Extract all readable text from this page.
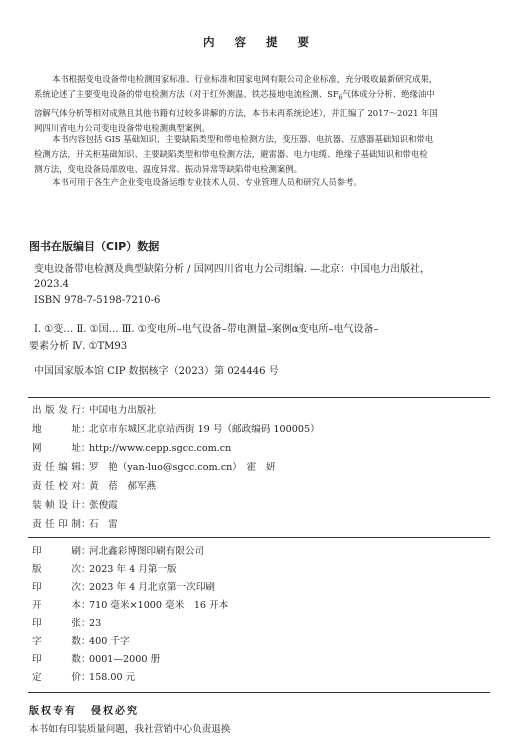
内 容 提 要
本书根据变电设备带电检测国家标准、行业标准和国家电网有限公司企业标准，充分吸收最新研究成果，
系统论述了主要变电设备的带电检测方法（对于红外测温、铁芯接地电流检测、$SF_6$气体成分分析、绝缘油中
溶解气体分析等相对成熟且其他书籍有过较多讲解的方法，本书未再系统论述），并汇编了 2017～2021 年国
网四川省电力公司变电设备带电检测典型案例。
本书内容包括 GIS 基础知识、主要缺陷类型和带电检测方法，变压器、电抗器、互感器基础知识和带电
检测方法，开关柜基础知识、主要缺陷类型和带电检测方法，避雷器、电力电缆、绝缘子基础知识和带电检
测方法，变电设备局部放电、温度异常、振动异常等缺陷带电检测案例。
本书可用于各生产企业变电设备运维专业技术人员、专业管理人员和研究人员参考。
图书在版编目（CIP）数据
变电设备带电检测及典型缺陷分析 / 国网四川省电力公司组编. —北京：中国电力出版社，
2023.4
ISBN 978-7-5198-7210-6
Ⅰ. ①变… Ⅱ. ①国… Ⅲ. ①变电所–电气设备–带电测量–案例α变电所–电气设备–
要素分析 Ⅳ. ①TM93
中国国家版本馆 CIP 数据核字（2023）第 024446 号
出版发行：中国电力出版社
地　　址：北京市东城区北京站西街 19 号（邮政编码 100005）
网　　址：http://www.cepp.sgcc.com.cn
责任编辑：罗　艳（yan-luo@sgcc.com.cn）　霍　妍
责任校对：黄　蓓　郝军燕
装帧设计：张俊霞
责任印制：石　雷
印　　刷：河北鑫彩博图印刷有限公司
版　　次：2023 年 4 月第一版
印　　次：2023 年 4 月北京第一次印刷
开　　本：710 毫米×1000 毫米　16 开本
印　　张：23
字　　数：400 千字
印　　数：0001—2000 册
定　　价：158.00 元
版权专有 侵权必究
本书如有印装质量问题，我社营销中心负责退换
